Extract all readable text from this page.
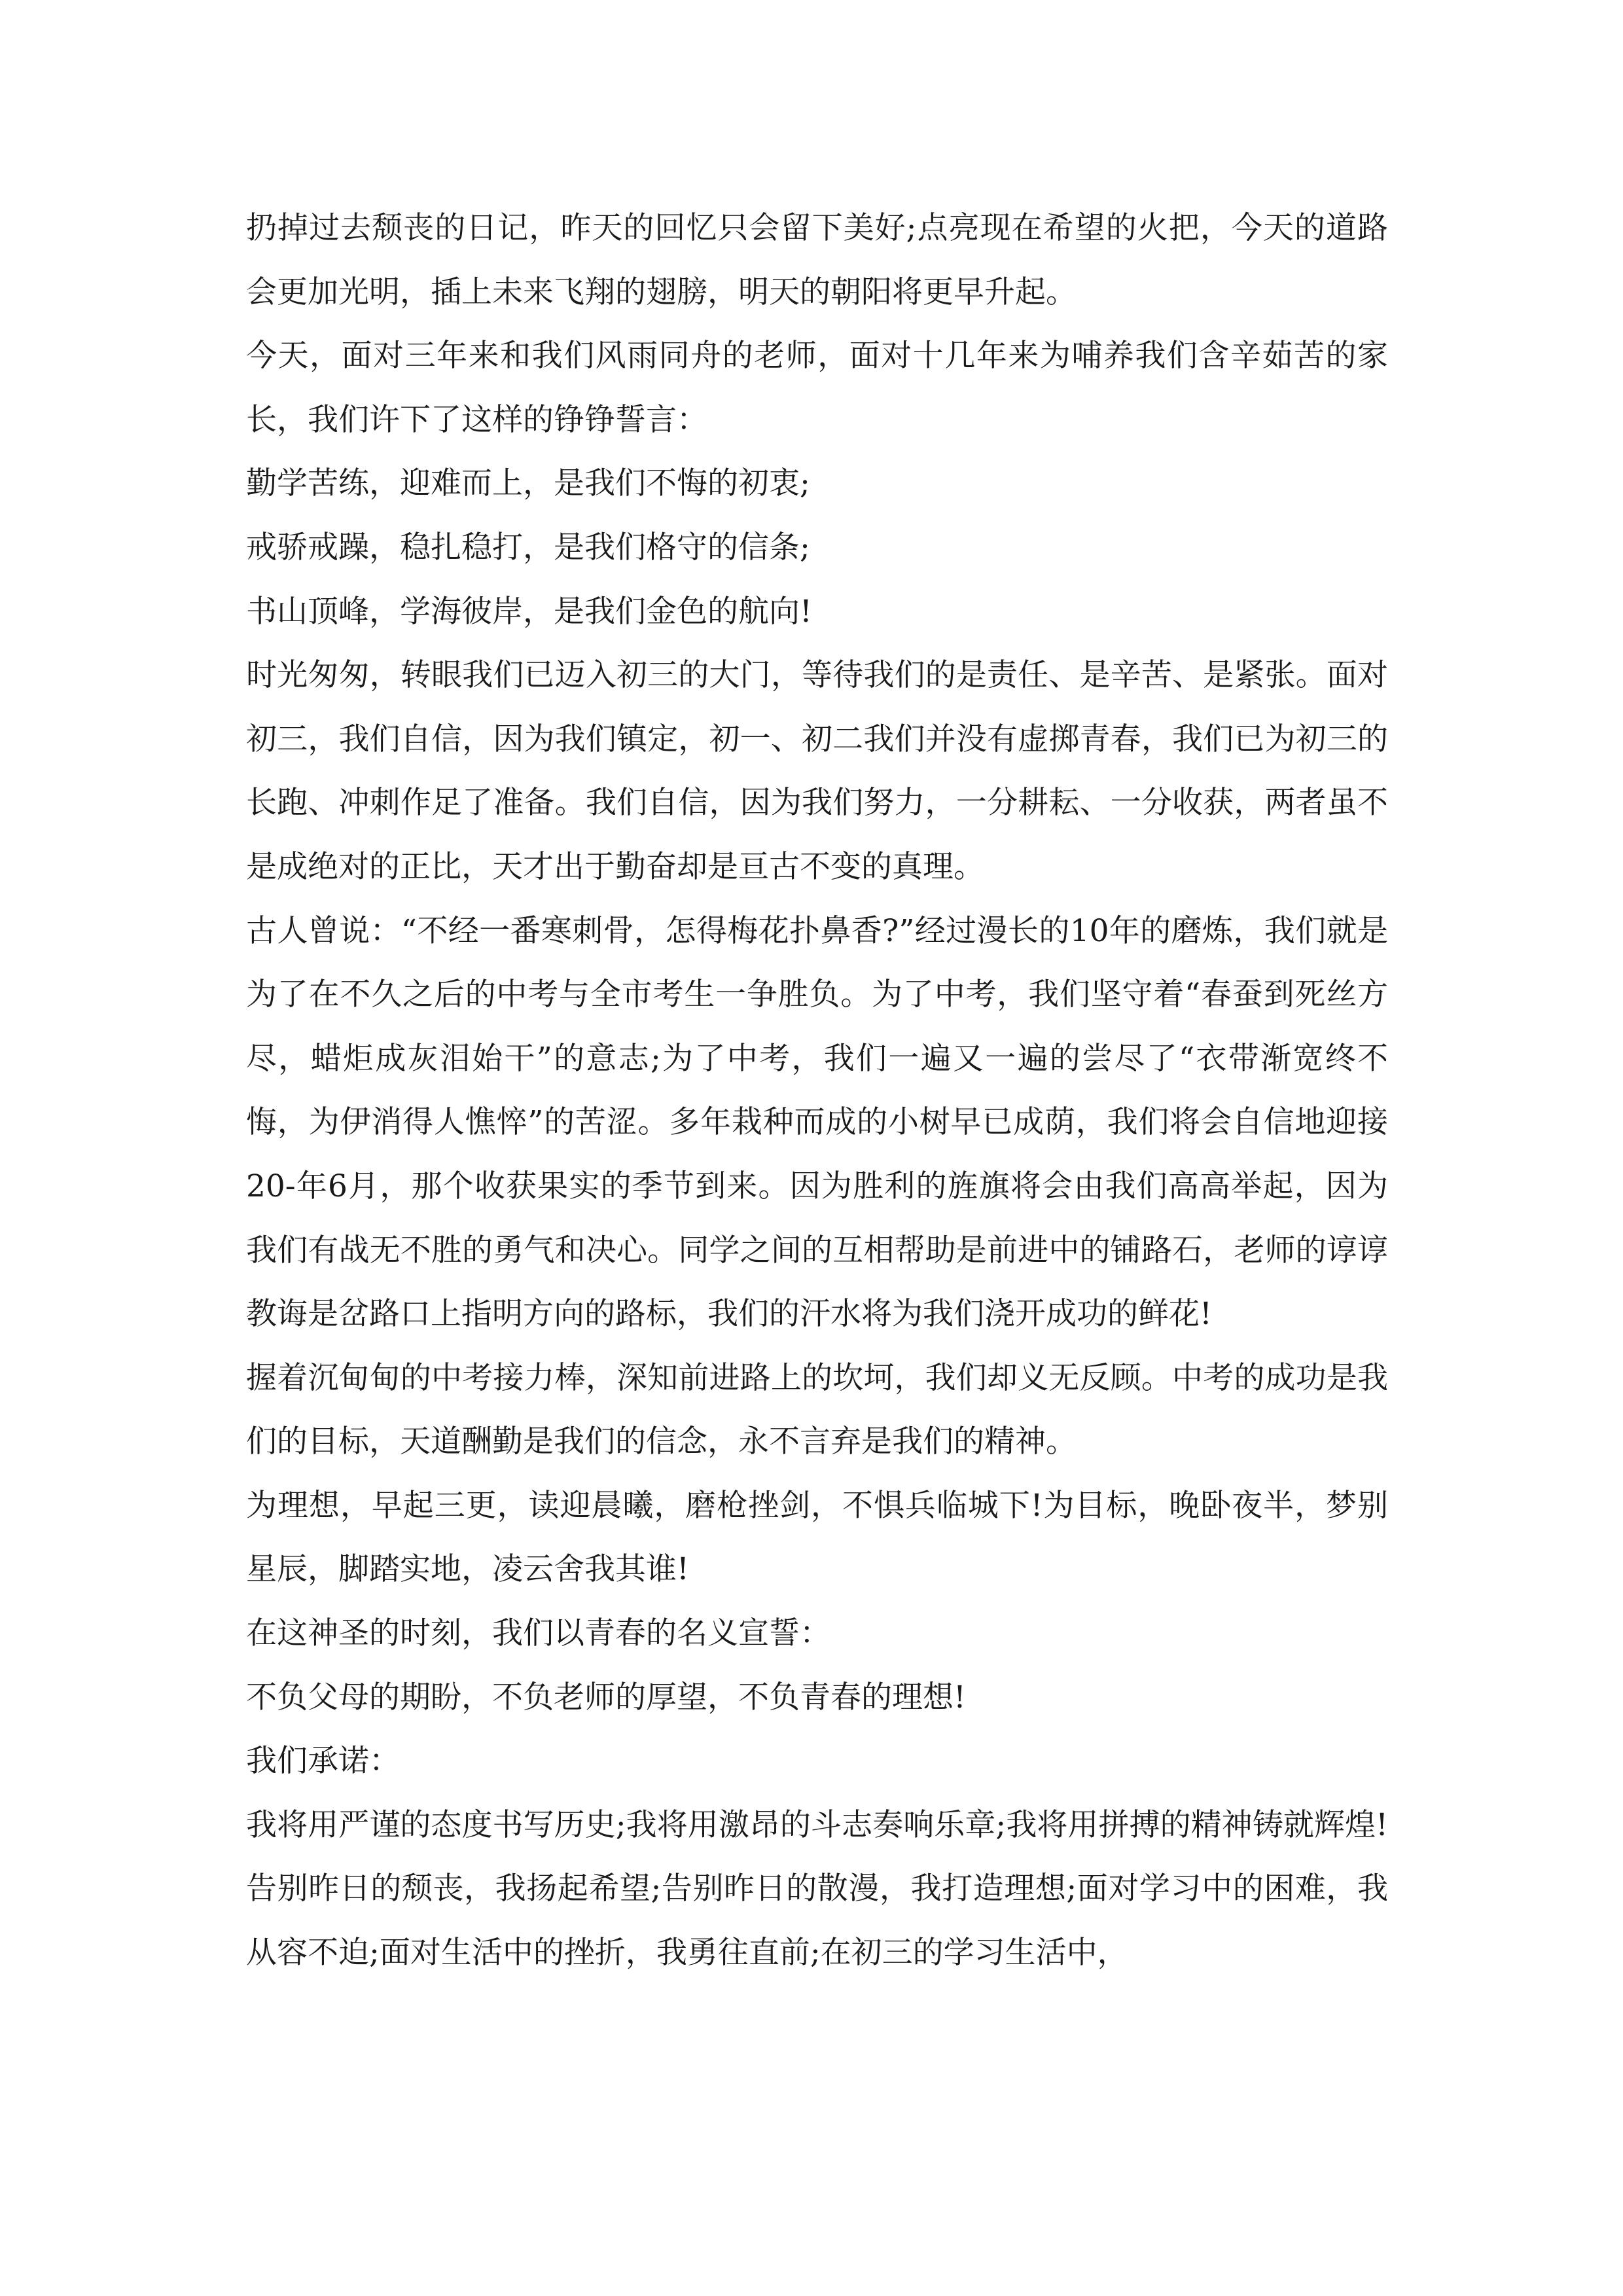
扔掉过去颓丧的日记，昨天的回忆只会留下美好;点亮现在希望的火把，今天的道路会更加光明，插上未来飞翔的翅膀，明天的朝阳将更早升起。

今天，面对三年来和我们风雨同舟的老师，面对十几年来为哺养我们含辛茹苦的家长，我们许下了这样的铮铮誓言：

勤学苦练，迎难而上，是我们不悔的初衷;

戒骄戒躁，稳扎稳打，是我们格守的信条;

书山顶峰，学海彼岸，是我们金色的航向!

时光匆匆，转眼我们已迈入初三的大门，等待我们的是责任、是辛苦、是紧张。面对初三，我们自信，因为我们镇定，初一、初二我们并没有虚掷青春，我们已为初三的长跑、冲刺作足了准备。我们自信，因为我们努力，一分耕耘、一分收获，两者虽不是成绝对的正比，天才出于勤奋却是亘古不变的真理。

古人曾说：“不经一番寒刺骨，怎得梅花扑鼻香?”经过漫长的10年的磨炼，我们就是为了在不久之后的中考与全市考生一争胜负。为了中考，我们坚守着“春蚕到死丝方尽，蜡炬成灰泪始干”的意志;为了中考，我们一遍又一遍的尝尽了“衣带渐宽终不悔，为伊消得人憔悴”的苦涩。多年栽种而成的小树早已成荫，我们将会自信地迎接20-年6月，那个收获果实的季节到来。因为胜利的旌旗将会由我们高高举起，因为我们有战无不胜的勇气和决心。同学之间的互相帮助是前进中的铺路石，老师的谆谆教诲是岔路口上指明方向的路标，我们的汗水将为我们浇开成功的鲜花!

握着沉甸甸的中考接力棒，深知前进路上的坎坷，我们却义无反顾。中考的成功是我们的目标，天道酬勤是我们的信念，永不言弃是我们的精神。

为理想，早起三更，读迎晨曦，磨枪挫剑，不惧兵临城下!为目标，晚卧夜半，梦别星辰，脚踏实地，凌云舍我其谁!

在这神圣的时刻，我们以青春的名义宣誓：

不负父母的期盼，不负老师的厚望，不负青春的理想!

我们承诺：

我将用严谨的态度书写历史;我将用激昂的斗志奏响乐章;我将用拼搏的精神铸就辉煌!告别昨日的颓丧，我扬起希望;告别昨日的散漫，我打造理想;面对学习中的困难，我从容不迫;面对生活中的挫折，我勇往直前;在初三的学习生活中，
